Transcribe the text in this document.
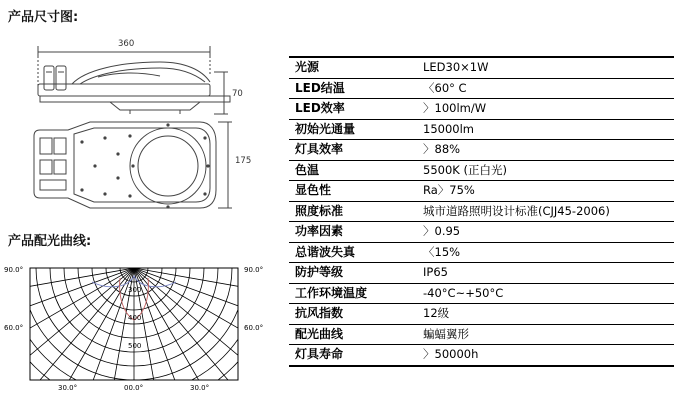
产品尺寸图:
360
70
175
产品配光曲线:
90.0°	90.0°
60.0°	60.0°
30.0°	00.0°	30.0°
300
400
500
光源	LED30×1W
LED结温	〈60° C
LED效率	〉100lm/W
初始光通量	15000lm
灯具效率	〉88%
色温	5500K (正白光)
显色性	Ra〉75%
照度标准	城市道路照明设计标准(CJJ45-2006)
功率因素	〉0.95
总谐波失真	〈15%
防护等级	IP65
工作环境温度	-40°C~+50°C
抗风指数	12级
配光曲线	蝙蝠翼形
灯具寿命	〉50000h
